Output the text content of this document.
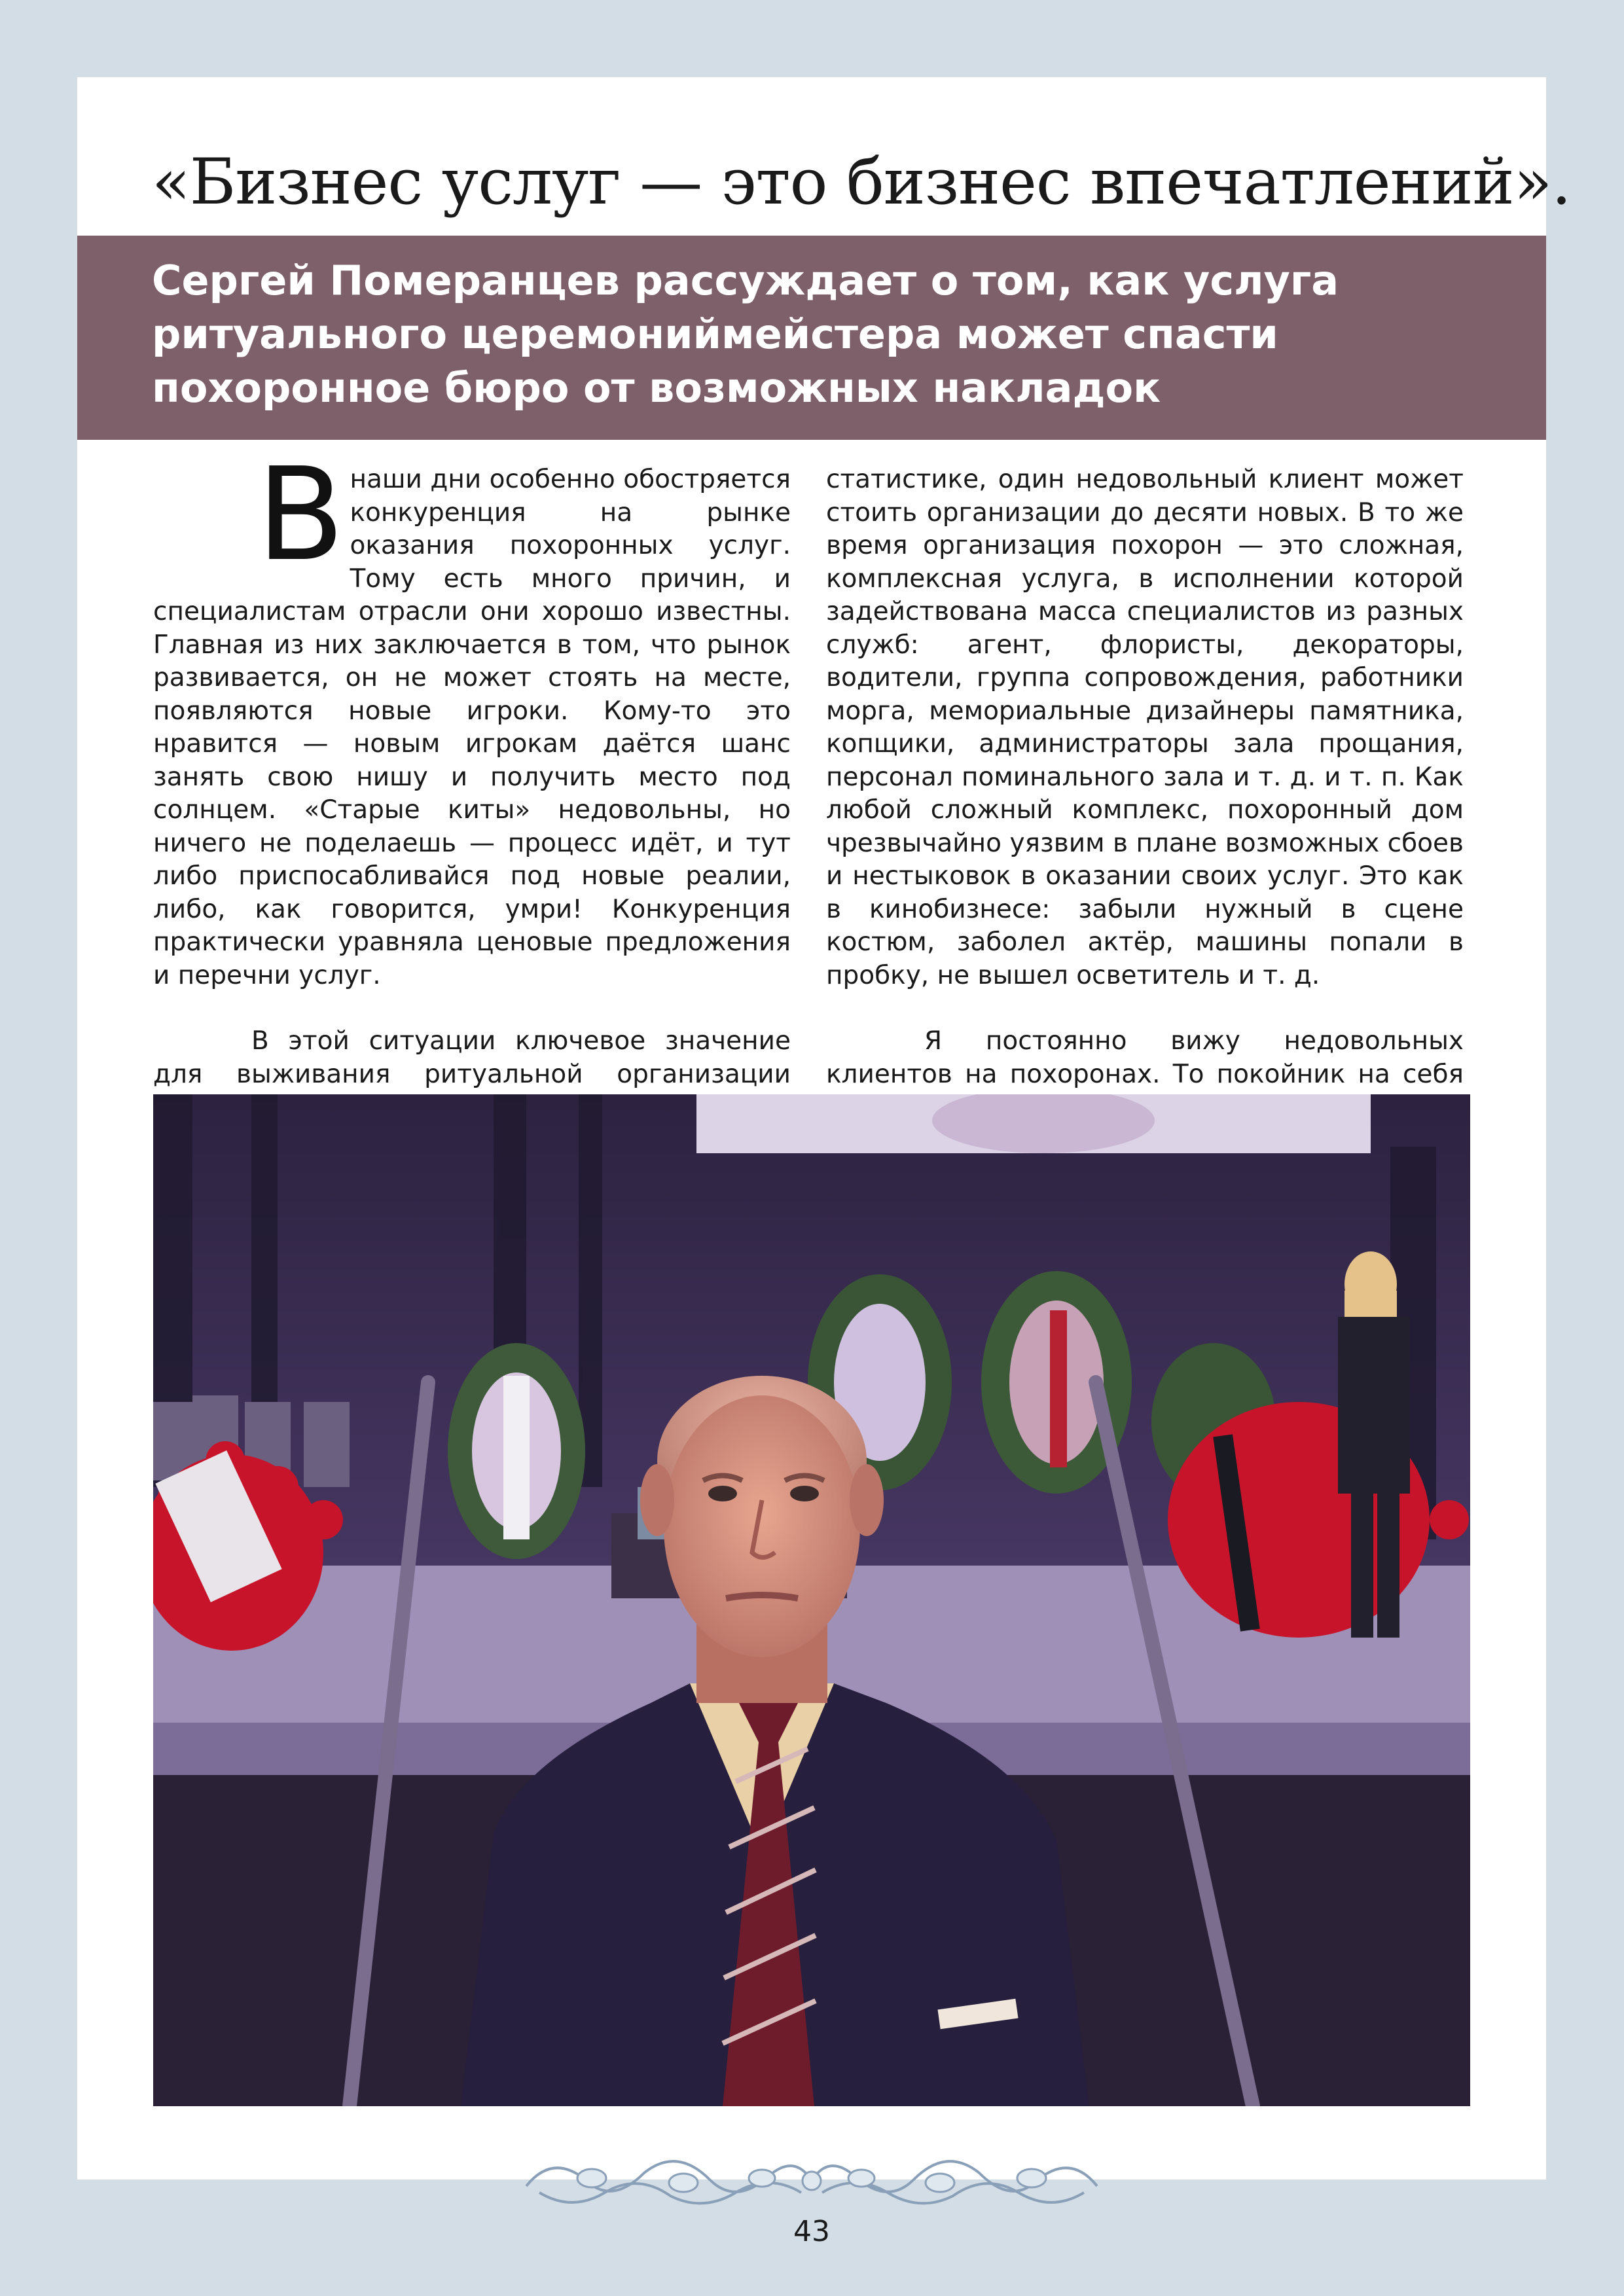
«Бизнес услуг — это бизнес впечатлений».
Сергей Померанцев рассуждает о том, как услуга ритуального церемониймейстера может спасти похоронное бюро от возможных накладок

Внаши дни особенно обостряется конкуренция на рынке оказания похоронных услуг. Тому есть много причин, и специалистам отрасли они хорошо известны. Главная из них заключается в том, что рынок развивается, он не может стоять на месте, появляются новые игроки. Кому-то это нравится — новым игрокам даётся шанс занять свою нишу и получить место под солнцем. «Старые киты» недовольны, но ничего не поделаешь — процесс идёт, и тут либо приспосабливайся под новые реалии, либо, как говорится, умри! Конкуренция практически уравняла ценовые предложения и перечни услуг.

В этой ситуации ключевое значение для выживания ритуальной организации

статистике, один недовольный клиент может стоить организации до десяти новых. В то же время организация похорон — это сложная, комплексная услуга, в исполнении которой задействована масса специалистов из разных служб: агент, флористы, декораторы, водители, группа сопровождения, работники морга, мемориальные дизайнеры памятника, копщики, администраторы зала прощания, персонал поминального зала и т. д. и т. п. Как любой сложный комплекс, похоронный дом чрезвычайно уязвим в плане возможных сбоев и нестыковок в оказании своих услуг. Это как в кинобизнесе: забыли нужный в сцене костюм, заболел актёр, машины попали в пробку, не вышел осветитель и т. д.

Я постоянно вижу недовольных клиентов на похоронах. То покойник на себя

43
